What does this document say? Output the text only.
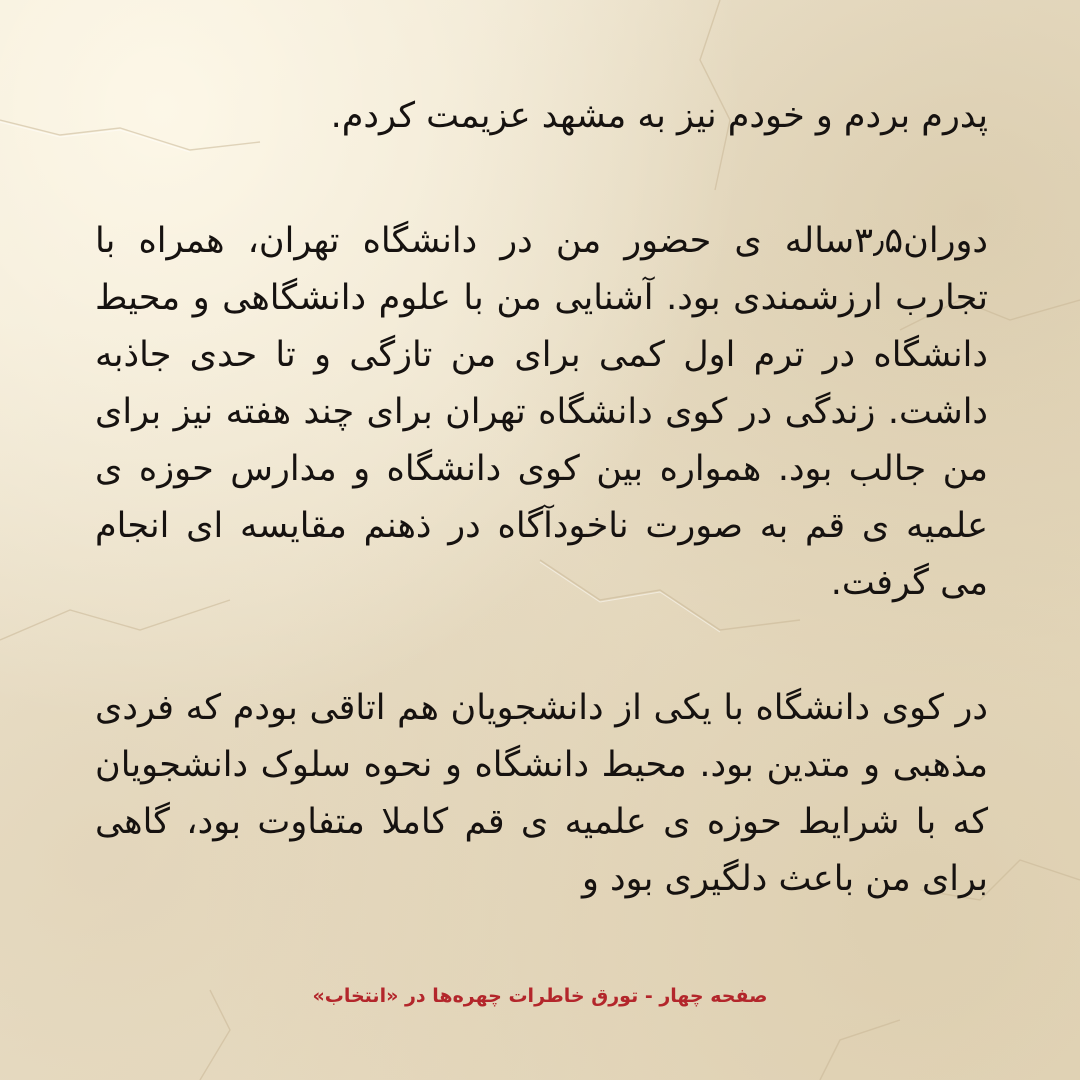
پدرم بردم و خودم نیز به مشهد عزیمت کردم.

دوران۳٫۵ساله ی حضور من در دانشگاه تهران، همراه با تجارب ارزشمندی بود. آشنایی من با علوم دانشگاهی و محیط دانشگاه در ترم اول کمی برای من تازگی و تا حدی جاذبه داشت. زندگی در کوی دانشگاه تهران برای چند هفته نیز برای من جالب بود. همواره بین کوی دانشگاه و مدارس حوزه ی علمیه ی قم به صورت ناخودآگاه در ذهنم مقایسه ای انجام می گرفت.

در کوی دانشگاه با یکی از دانشجویان هم اتاقی بودم که فردی مذهبی و متدین بود. محیط دانشگاه و نحوه سلوک دانشجویان که با شرایط حوزه ی علمیه ی قم کاملا متفاوت بود، گاهی برای من باعث دلگیری بود و

صفحه چهار - تورق خاطرات چهره‌ها در «انتخاب»
